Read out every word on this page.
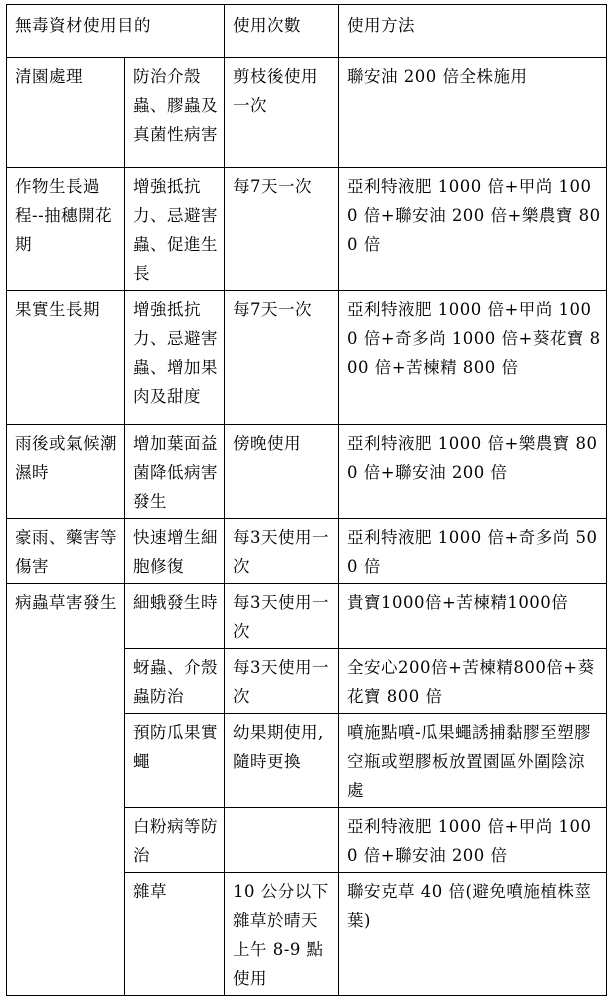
無毒資材使用目的		使用次數	使用方法
清園處理	防治介殼蟲、膠蟲及真菌性病害	剪枝後使用一次	聯安油 200 倍全株施用
作物生長過程--抽穗開花期	增強抵抗力、忌避害蟲、促進生長	每7天一次	亞利特液肥 1000 倍+甲尚 1000 倍+聯安油 200 倍+樂農寶 800 倍
果實生長期	增強抵抗力、忌避害蟲、增加果肉及甜度	每7天一次	亞利特液肥 1000 倍+甲尚 1000 倍+奇多尚 1000 倍+葵花寶 800 倍+苦楝精 800 倍
雨後或氣候潮濕時	增加葉面益菌降低病害發生	傍晚使用	亞利特液肥 1000 倍+樂農寶 800 倍+聯安油 200 倍
豪雨、藥害等傷害	快速增生細胞修復	每3天使用一次	亞利特液肥 1000 倍+奇多尚 500 倍
病蟲草害發生	細蛾發生時	每3天使用一次	貴寶1000倍+苦楝精1000倍
	蚜蟲、介殼蟲防治	每3天使用一次	全安心200倍+苦楝精800倍+葵花寶 800 倍
	預防瓜果實蠅	幼果期使用,隨時更換	噴施點噴-瓜果蠅誘捕黏膠至塑膠空瓶或塑膠板放置園區外圍陰涼處
	白粉病等防治		亞利特液肥 1000 倍+甲尚 1000 倍+聯安油 200 倍
	雜草	10 公分以下雜草於晴天上午 8-9 點使用	聯安克草 40 倍(避免噴施植株莖葉)
